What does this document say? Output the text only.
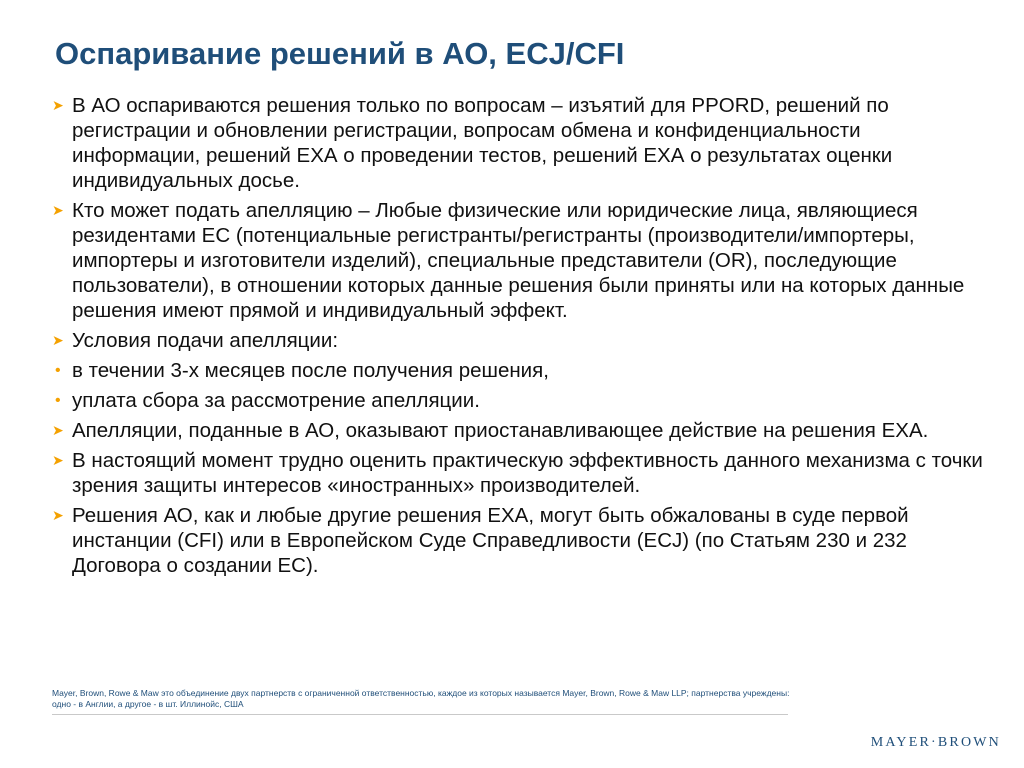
Оспаривание решений в АО, ECJ/CFI
➤ В АО оспариваются решения только по вопросам – изъятий для PPORD, решений по регистрации и обновлении регистрации, вопросам обмена и конфиденциальности информации, решений ЕХА о проведении тестов, решений ЕХА о результатах оценки индивидуальных досье.
➤ Кто может подать апелляцию – Любые физические или юридические лица, являющиеся резидентами ЕС (потенциальные регистранты/регистранты (производители/импортеры, импортеры и изготовители изделий), специальные представители (OR), последующие пользователи), в отношении которых данные решения были приняты или на которых данные решения имеют прямой и индивидуальный эффект.
➤ Условия подачи апелляции:
• в течении 3-х месяцев после получения решения,
• уплата сбора за рассмотрение апелляции.
➤ Апелляции, поданные в АО, оказывают приостанавливающее действие на решения ЕХА.
➤ В настоящий момент трудно оценить практическую эффективность данного механизма с точки зрения защиты интересов «иностранных» производителей.
➤ Решения АО, как и любые другие решения ЕХА, могут быть обжалованы в суде первой инстанции (CFI) или в Европейском Суде Справедливости (ECJ) (по Статьям 230 и 232 Договора о создании ЕС).
Mayer, Brown, Rowe & Maw это объединение двух партнерств с ограниченной ответственностью, каждое из которых называется Mayer, Brown, Rowe & Maw LLP; партнерства учреждены:
одно - в Англии, а другое - в шт. Иллинойс, США
MAYER·BROWN
